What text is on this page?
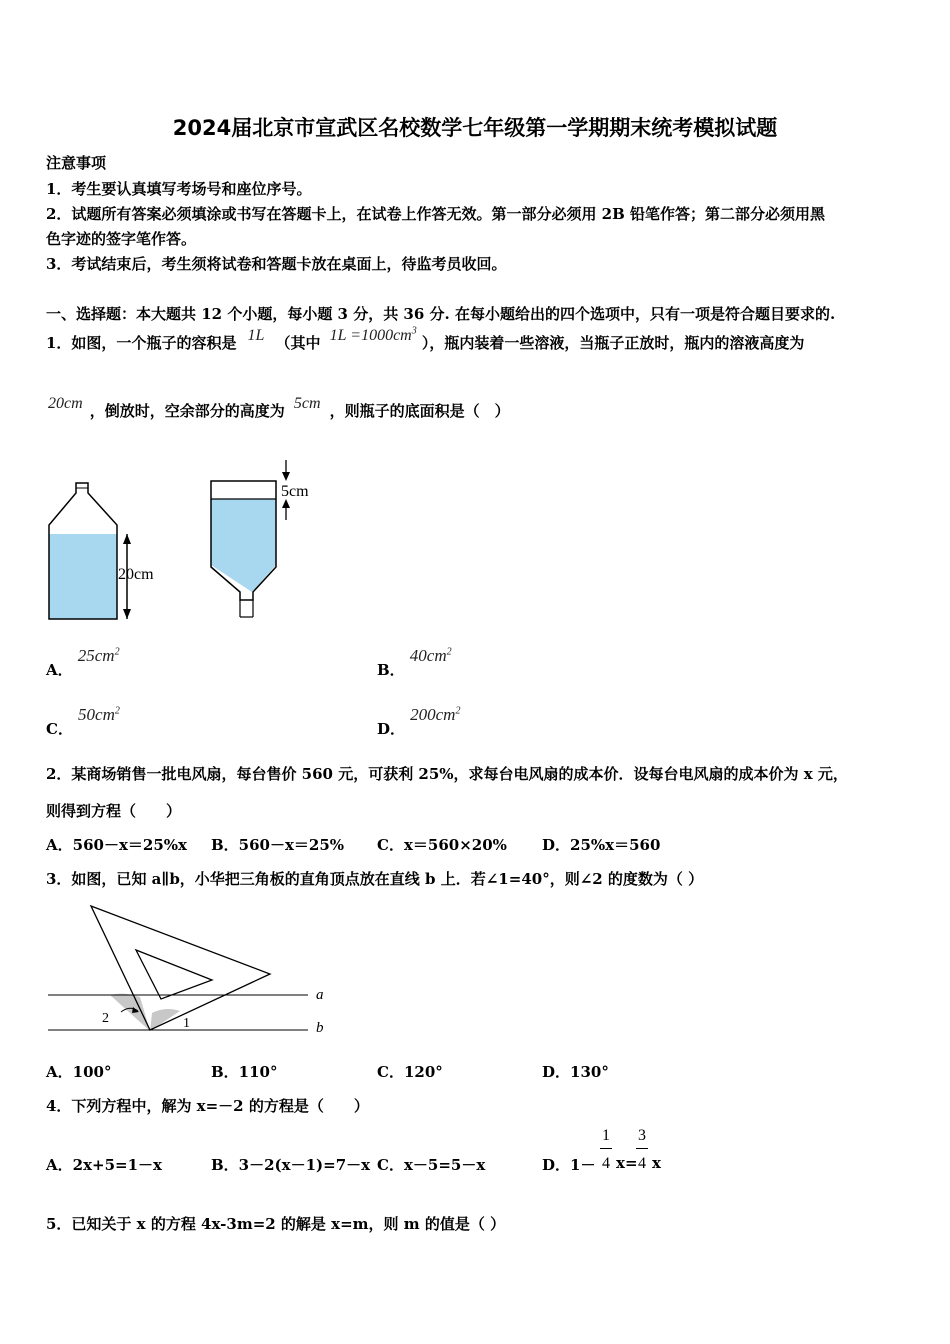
2024届北京市宣武区名校数学七年级第一学期期末统考模拟试题
注意事项
1．考生要认真填写考场号和座位序号。
2．试题所有答案必须填涂或书写在答题卡上，在试卷上作答无效。第一部分必须用 2B 铅笔作答；第二部分必须用黑
色字迹的签字笔作答。
3．考试结束后，考生须将试卷和答题卡放在桌面上，待监考员收回。
一、选择题：本大题共 12 个小题，每小题 3 分，共 36 分. 在每小题给出的四个选项中，只有一项是符合题目要求的.
1．如图，一个瓶子的容积是 1L （其中 $1L =1000cm^3$ ），瓶内装着一些溶液，当瓶子正放时，瓶内的溶液高度为
20cm ，倒放时，空余部分的高度为 5cm ，则瓶子的底面积是（　）
20cm
5cm
A． $25cm^2$
B． $40cm^2$
C． $50cm^2$
D． $200cm^2$
2．某商场销售一批电风扇，每台售价 560 元，可获利 25%，求每台电风扇的成本价．设每台电风扇的成本价为 x 元，
则得到方程（　　）
A．560－x＝25%x B．560－x＝25% C．x＝560×20% D．25%x＝560
3．如图，已知 a∥b，小华把三角板的直角顶点放在直线 b 上．若∠1=40°，则∠2 的度数为（ ）
2	1
a
b
A．100°	B．110°	C．120°	D．130°
4．下列方程中，解为 x=－2 的方程是（　　）
A．2x+5=1－x	B．3－2(x－1)=7－x C．x－5=5－x	D．1－
1
4 x=
3
4 x
5．已知关于 x 的方程 4x-3m=2 的解是 x=m，则 m 的值是（ ）
